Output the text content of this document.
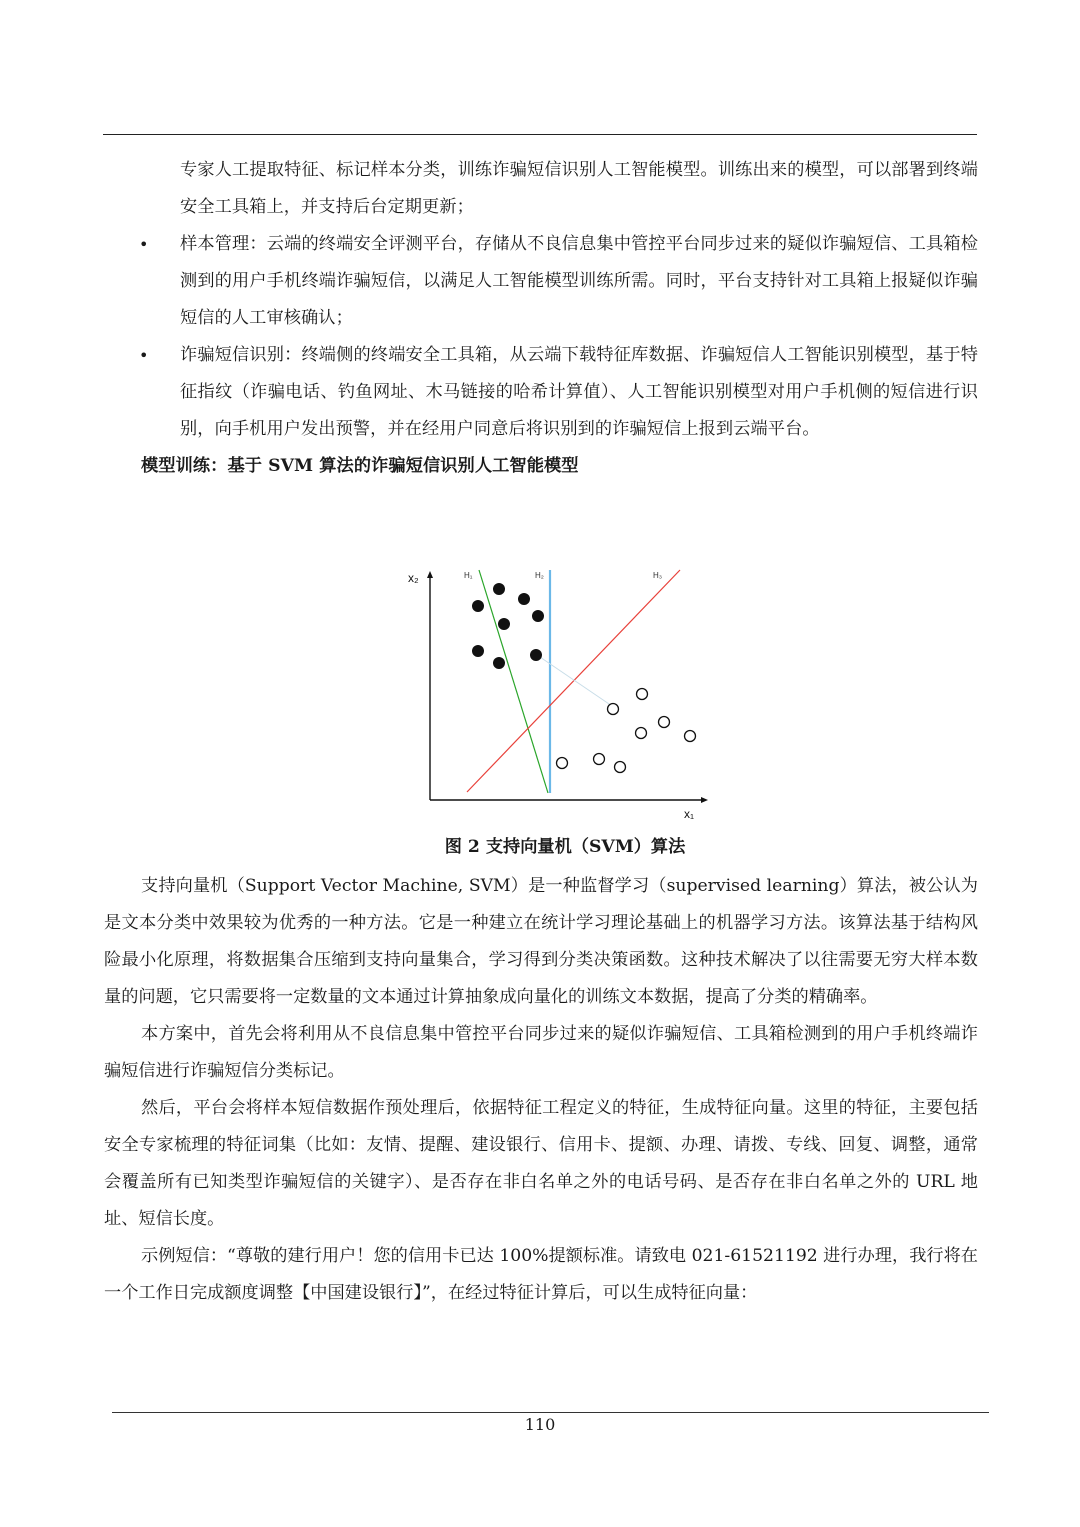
专家人工提取特征、标记样本分类，训练诈骗短信识别人工智能模型。训练出来的模型，可以部署到终端安全工具箱上，并支持后台定期更新；

• 样本管理：云端的终端安全评测平台，存储从不良信息集中管控平台同步过来的疑似诈骗短信、工具箱检测到的用户手机终端诈骗短信，以满足人工智能模型训练所需。同时，平台支持针对工具箱上报疑似诈骗短信的人工审核确认；

• 诈骗短信识别：终端侧的终端安全工具箱，从云端下载特征库数据、诈骗短信人工智能识别模型，基于特征指纹（诈骗电话、钓鱼网址、木马链接的哈希计算值）、人工智能识别模型对用户手机侧的短信进行识别，向手机用户发出预警，并在经用户同意后将识别到的诈骗短信上报到云端平台。

模型训练：基于 SVM 算法的诈骗短信识别人工智能模型

x₂
x₁
H₁	H₂	H₃
图 2 支持向量机（SVM）算法

支持向量机（Support Vector Machine, SVM）是一种监督学习（supervised learning）算法，被公认为是文本分类中效果较为优秀的一种方法。它是一种建立在统计学习理论基础上的机器学习方法。该算法基于结构风险最小化原理，将数据集合压缩到支持向量集合，学习得到分类决策函数。这种技术解决了以往需要无穷大样本数量的问题，它只需要将一定数量的文本通过计算抽象成向量化的训练文本数据，提高了分类的精确率。

本方案中，首先会将利用从不良信息集中管控平台同步过来的疑似诈骗短信、工具箱检测到的用户手机终端诈骗短信进行诈骗短信分类标记。

然后，平台会将样本短信数据作预处理后，依据特征工程定义的特征，生成特征向量。这里的特征，主要包括安全专家梳理的特征词集（比如：友情、提醒、建设银行、信用卡、提额、办理、请拨、专线、回复、调整，通常会覆盖所有已知类型诈骗短信的关键字）、是否存在非白名单之外的电话号码、是否存在非白名单之外的 URL 地址、短信长度。

示例短信：“尊敬的建行用户！您的信用卡已达 100%提额标准。请致电 021-61521192 进行办理，我行将在一个工作日完成额度调整【中国建设银行】”，在经过特征计算后，可以生成特征向量：

110
